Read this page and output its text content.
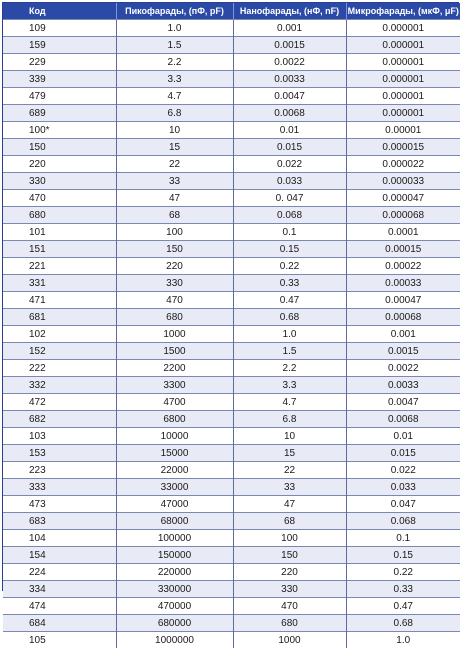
Код	Пикофарады, (пФ, pF)	Нанофарады, (нФ, nF)	Микрофарады, (мкФ, μF)
109	1.0	0.001	0.000001
159	1.5	0.0015	0.000001
229	2.2	0.0022	0.000001
339	3.3	0.0033	0.000001
479	4.7	0.0047	0.000001
689	6.8	0.0068	0.000001
100*	10	0.01	0.00001
150	15	0.015	0.000015
220	22	0.022	0.000022
330	33	0.033	0.000033
470	47	0. 047	0.000047
680	68	0.068	0.000068
101	100	0.1	0.0001
151	150	0.15	0.00015
221	220	0.22	0.00022
331	330	0.33	0.00033
471	470	0.47	0.00047
681	680	0.68	0.00068
102	1000	1.0	0.001
152	1500	1.5	0.0015
222	2200	2.2	0.0022
332	3300	3.3	0.0033
472	4700	4.7	0.0047
682	6800	6.8	0.0068
103	10000	10	0.01
153	15000	15	0.015
223	22000	22	0.022
333	33000	33	0.033
473	47000	47	0.047
683	68000	68	0.068
104	100000	100	0.1
154	150000	150	0.15
224	220000	220	0.22
334	330000	330	0.33
474	470000	470	0.47
684	680000	680	0.68
105	1000000	1000	1.0
